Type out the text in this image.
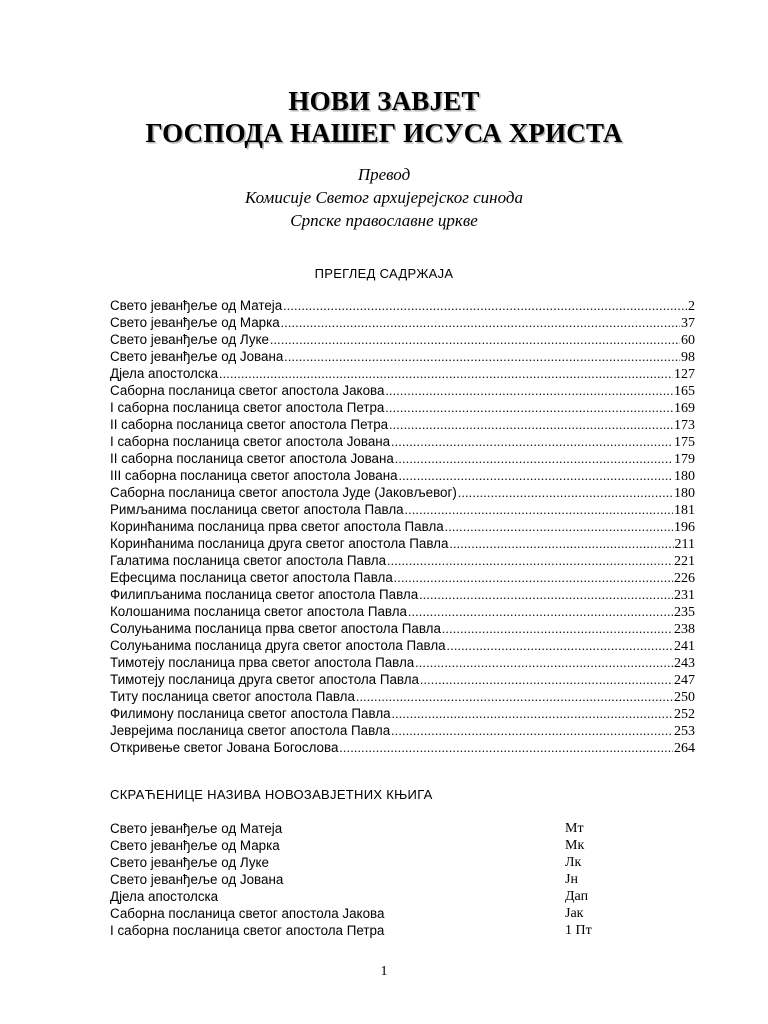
НОВИ ЗАВЈЕТ
ГОСПОДА НАШЕГ ИСУСА ХРИСТА
Превод
Комисије Светог архијерејског синода
Српске православне цркве
ПРЕГЛЕД САДРЖАЈА
Свето јеванђеље од Матеја .....	2
Свето јеванђеље од Марка .....	37
Свето јеванђеље од Луке .....	60
Свето јеванђеље од Јована .....	98
Дјела апостолска .....	127
Саборна посланица светог апостола Јакова .....	165
I саборна посланица светог апостола Петра .....	169
II саборна посланица светог апостола Петра .....	173
I саборна посланица светог апостола Јована .....	175
II саборна посланица светог апостола Јована .....	179
III саборна посланица светог апостола Јована .....	180
Саборна посланица светог апостола Јуде (Јаковљевог) .....	180
Римљанима посланица светог апостола Павла .....	181
Коринћанима посланица прва светог апостола Павла .....	196
Коринћанима посланица друга светог апостола Павла .....	211
Галатима посланица светог апостола Павла .....	221
Ефесцима посланица светог апостола Павла .....	226
Филипљанима посланица светог апостола Павла .....	231
Колошанима посланица светог апостола Павла .....	235
Солуњанима посланица прва светог апостола Павла .....	238
Солуњанима посланица друга светог апостола Павла .....	241
Тимотеју посланица прва светог апостола Павла .....	243
Тимотеју посланица друга светог апостола Павла .....	247
Титу посланица светог апостола Павла .....	250
Филимону посланица светог апостола Павла .....	252
Јеврејима посланица светог апостола Павла .....	253
Откривење светог Јована Богослова .....	264
СКРАЋЕНИЦЕ НАЗИВА НОВОЗАВЈЕТНИХ КЊИГА
Свето јеванђеље од Матеја	Мт
Свето јеванђеље од Марка	Мк
Свето јеванђеље од Луке	Лк
Свето јеванђеље од Јована	Јн
Дјела апостолска	Дап
Саборна посланица светог апостола Јакова	Јак
I саборна посланица светог апостола Петра	1 Пт
1
